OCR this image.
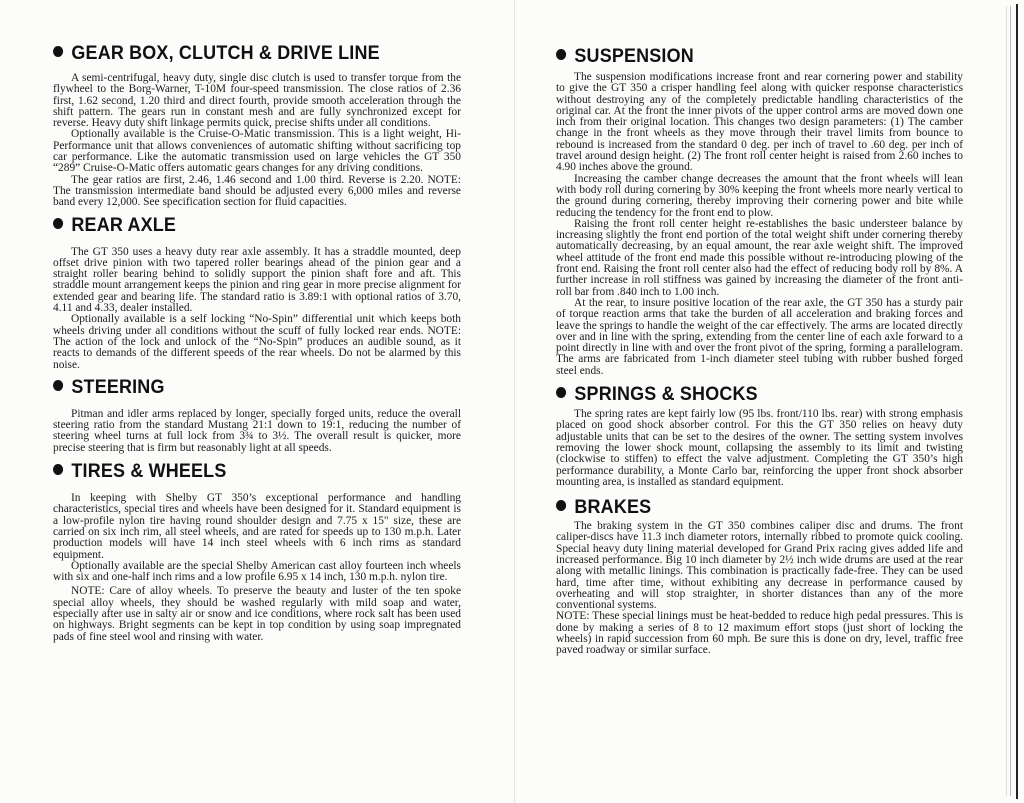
GEAR BOX, CLUTCH & DRIVE LINE

A semi-centrifugal, heavy duty, single disc clutch is used to transfer torque from the flywheel to the Borg-Warner, T-10M four-speed transmission. The close ratios of 2.36 first, 1.62 second, 1.20 third and direct fourth, provide smooth acceleration through the shift pattern. The gears run in constant mesh and are fully synchronized except for reverse. Heavy duty shift linkage permits quick, precise shifts under all conditions.

Optionally available is the Cruise-O-Matic transmission. This is a light weight, Hi-Performance unit that allows conveniences of automatic shifting without sacrificing top car performance. Like the automatic transmission used on large vehicles the GT 350 “289” Cruise-O-Matic offers automatic gears changes for any driving conditions.

The gear ratios are first, 2.46, 1.46 second and 1.00 third. Reverse is 2.20. NOTE: The transmission intermediate band should be adjusted every 6,000 miles and reverse band every 12,000. See specification section for fluid capacities.

REAR AXLE

The GT 350 uses a heavy duty rear axle assembly. It has a straddle mounted, deep offset drive pinion with two tapered roller bearings ahead of the pinion gear and a straight roller bearing behind to solidly support the pinion shaft fore and aft. This straddle mount arrangement keeps the pinion and ring gear in more precise alignment for extended gear and bearing life. The standard ratio is 3.89:1 with optional ratios of 3.70, 4.11 and 4.33, dealer installed.

Optionally available is a self locking “No-Spin” differential unit which keeps both wheels driving under all conditions without the scuff of fully locked rear ends. NOTE: The action of the lock and unlock of the “No-Spin” produces an audible sound, as it reacts to demands of the different speeds of the rear wheels. Do not be alarmed by this noise.

STEERING

Pitman and idler arms replaced by longer, specially forged units, reduce the overall steering ratio from the standard Mustang 21:1 down to 19:1, reducing the number of steering wheel turns at full lock from 3¾ to 3½. The overall result is quicker, more precise steering that is firm but reasonably light at all speeds.

TIRES & WHEELS

In keeping with Shelby GT 350’s exceptional performance and handling characteristics, special tires and wheels have been designed for it. Standard equipment is a low-profile nylon tire having round shoulder design and 7.75 x 15" size, these are carried on six inch rim, all steel wheels, and are rated for speeds up to 130 m.p.h. Later production models will have 14 inch steel wheels with 6 inch rims as standard equipment.

Optionally available are the special Shelby American cast alloy fourteen inch wheels with six and one-half inch rims and a low profile 6.95 x 14 inch, 130 m.p.h. nylon tire.

NOTE: Care of alloy wheels. To preserve the beauty and luster of the ten spoke special alloy wheels, they should be washed regularly with mild soap and water, especially after use in salty air or snow and ice conditions, where rock salt has been used on highways. Bright segments can be kept in top condition by using soap impregnated pads of fine steel wool and rinsing with water.

SUSPENSION

The suspension modifications increase front and rear cornering power and stability to give the GT 350 a crisper handling feel along with quicker response characteristics without destroying any of the completely predictable handling characteristics of the original car. At the front the inner pivots of the upper control arms are moved down one inch from their original location. This changes two design parameters: (1) The camber change in the front wheels as they move through their travel limits from bounce to rebound is increased from the standard 0 deg. per inch of travel to .60 deg. per inch of travel around design height. (2) The front roll center height is raised from 2.60 inches to 4.90 inches above the ground.

Increasing the camber change decreases the amount that the front wheels will lean with body roll during cornering by 30% keeping the front wheels more nearly vertical to the ground during cornering, thereby improving their cornering power and bite while reducing the tendency for the front end to plow.

Raising the front roll center height re-establishes the basic understeer balance by increasing slightly the front end portion of the total weight shift under cornering thereby automatically decreasing, by an equal amount, the rear axle weight shift. The improved wheel attitude of the front end made this possible without re-introducing plowing of the front end. Raising the front roll center also had the effect of reducing body roll by 8%. A further increase in roll stiffness was gained by increasing the diameter of the front anti-roll bar from .840 inch to 1.00 inch.

At the rear, to insure positive location of the rear axle, the GT 350 has a sturdy pair of torque reaction arms that take the burden of all acceleration and braking forces and leave the springs to handle the weight of the car effectively. The arms are located directly over and in line with the spring, extending from the center line of each axle forward to a point directly in line with and over the front pivot of the spring, forming a parallelogram. The arms are fabricated from 1-inch diameter steel tubing with rubber bushed forged steel ends.

SPRINGS & SHOCKS

The spring rates are kept fairly low (95 lbs. front/110 lbs. rear) with strong emphasis placed on good shock absorber control. For this the GT 350 relies on heavy duty adjustable units that can be set to the desires of the owner. The setting system involves removing the lower shock mount, collapsing the assembly to its limit and twisting (clockwise to stiffen) to effect the valve adjustment. Completing the GT 350’s high performance durability, a Monte Carlo bar, reinforcing the upper front shock absorber mounting area, is installed as standard equipment.

BRAKES

The braking system in the GT 350 combines caliper disc and drums. The front caliper-discs have 11.3 inch diameter rotors, internally ribbed to promote quick cooling. Special heavy duty lining material developed for Grand Prix racing gives added life and increased performance. Big 10 inch diameter by 2½ inch wide drums are used at the rear along with metallic linings. This combination is practically fade-free. They can be used hard, time after time, without exhibiting any decrease in performance caused by overheating and will stop straighter, in shorter distances than any of the more conventional systems.

NOTE: These special linings must be heat-bedded to reduce high pedal pressures. This is done by making a series of 8 to 12 maximum effort stops (just short of locking the wheels) in rapid succession from 60 mph. Be sure this is done on dry, level, traffic free paved roadway or similar surface.
